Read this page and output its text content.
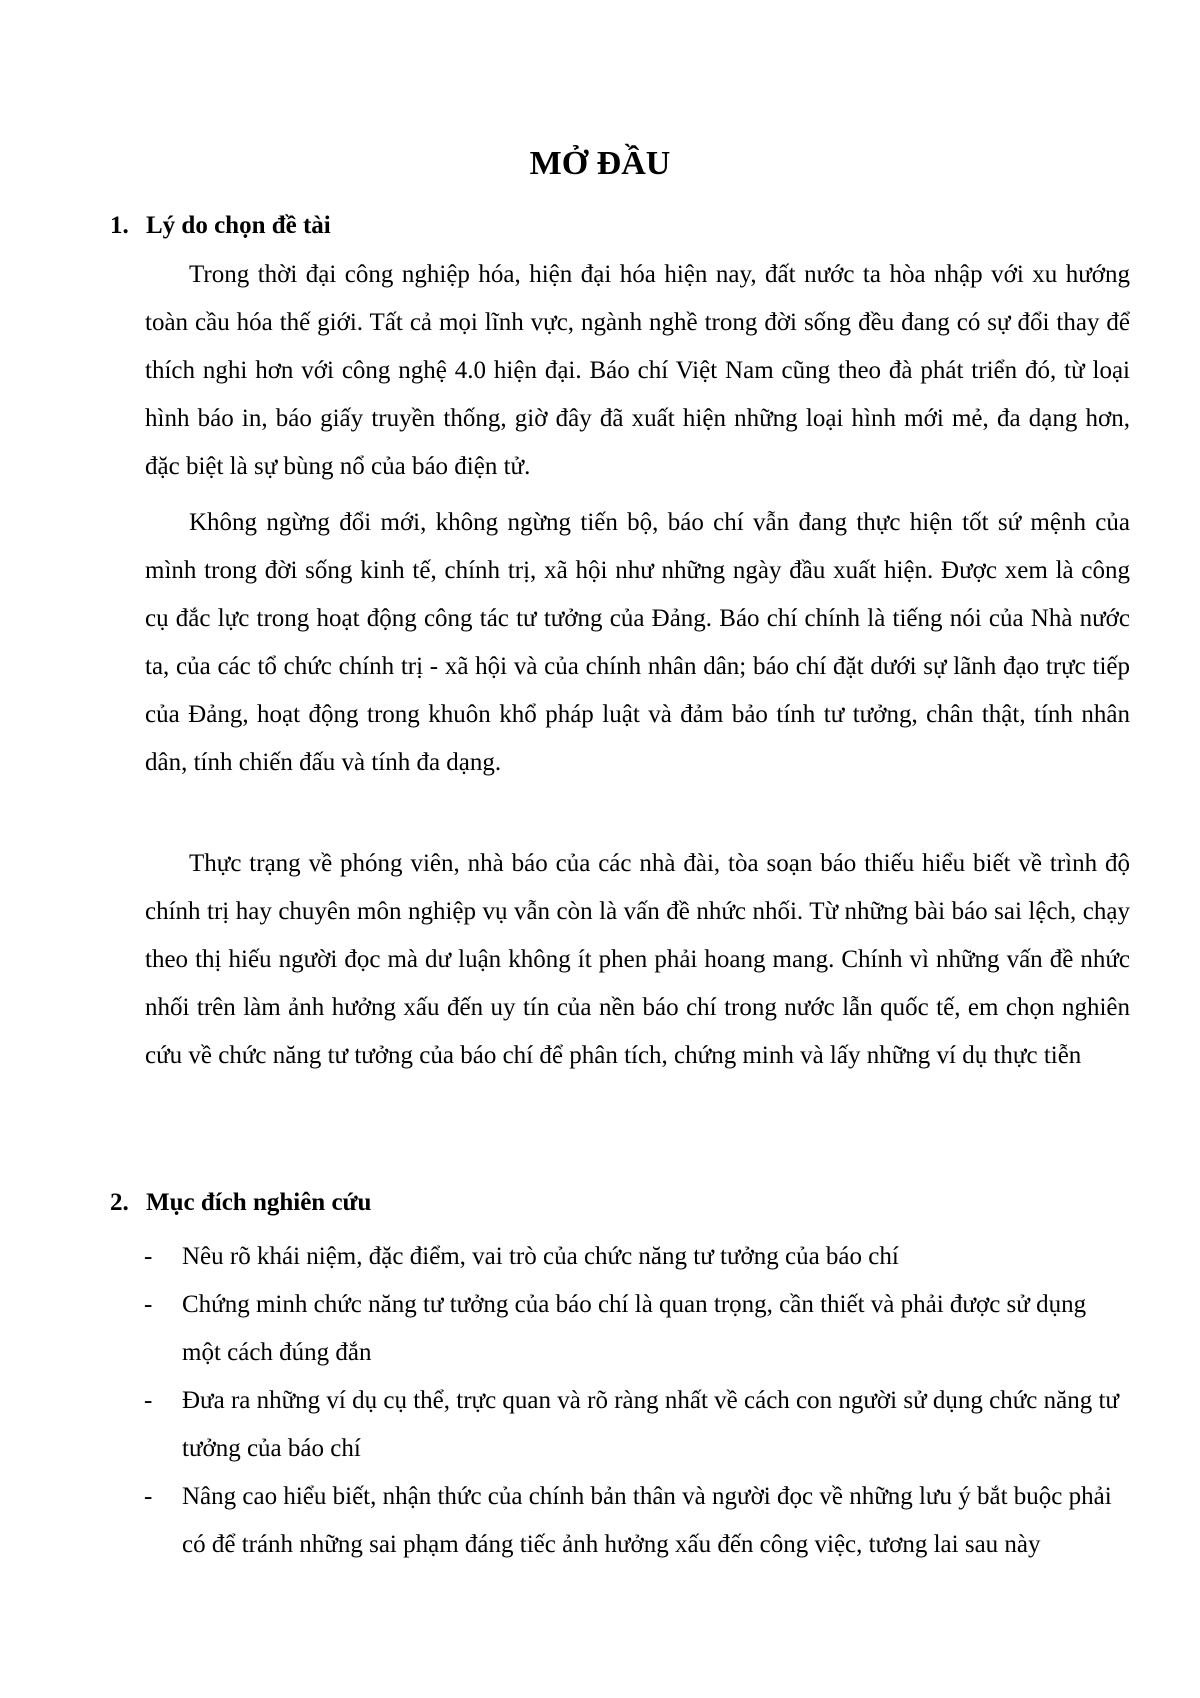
MỞ ĐẦU
1. Lý do chọn đề tài

Trong thời đại công nghiệp hóa, hiện đại hóa hiện nay, đất nước ta hòa nhập với xu hướng toàn cầu hóa thế giới. Tất cả mọi lĩnh vực, ngành nghề trong đời sống đều đang có sự đổi thay để thích nghi hơn với công nghệ 4.0 hiện đại. Báo chí Việt Nam cũng theo đà phát triển đó, từ loại hình báo in, báo giấy truyền thống, giờ đây đã xuất hiện những loại hình mới mẻ, đa dạng hơn, đặc biệt là sự bùng nổ của báo điện tử.

Không ngừng đổi mới, không ngừng tiến bộ, báo chí vẫn đang thực hiện tốt sứ mệnh của mình trong đời sống kinh tế, chính trị, xã hội như những ngày đầu xuất hiện. Được xem là công cụ đắc lực trong hoạt động công tác tư tưởng của Đảng. Báo chí chính là tiếng nói của Nhà nước ta, của các tổ chức chính trị - xã hội và của chính nhân dân; báo chí đặt dưới sự lãnh đạo trực tiếp của Đảng, hoạt động trong khuôn khổ pháp luật và đảm bảo tính tư tưởng, chân thật, tính nhân dân, tính chiến đấu và tính đa dạng.

Thực trạng về phóng viên, nhà báo của các nhà đài, tòa soạn báo thiếu hiểu biết về trình độ chính trị hay chuyên môn nghiệp vụ vẫn còn là vấn đề nhức nhối. Từ những bài báo sai lệch, chạy theo thị hiếu người đọc mà dư luận không ít phen phải hoang mang. Chính vì những vấn đề nhức nhối trên làm ảnh hưởng xấu đến uy tín của nền báo chí trong nước lẫn quốc tế, em chọn nghiên cứu về chức năng tư tưởng của báo chí để phân tích, chứng minh và lấy những ví dụ thực tiễn

2. Mục đích nghiên cứu
- Nêu rõ khái niệm, đặc điểm, vai trò của chức năng tư tưởng của báo chí
- Chứng minh chức năng tư tưởng của báo chí là quan trọng, cần thiết và phải được sử dụng một cách đúng đắn
- Đưa ra những ví dụ cụ thể, trực quan và rõ ràng nhất về cách con người sử dụng chức năng tư tưởng của báo chí
- Nâng cao hiểu biết, nhận thức của chính bản thân và người đọc về những lưu ý bắt buộc phải có để tránh những sai phạm đáng tiếc ảnh hưởng xấu đến công việc, tương lai sau này
